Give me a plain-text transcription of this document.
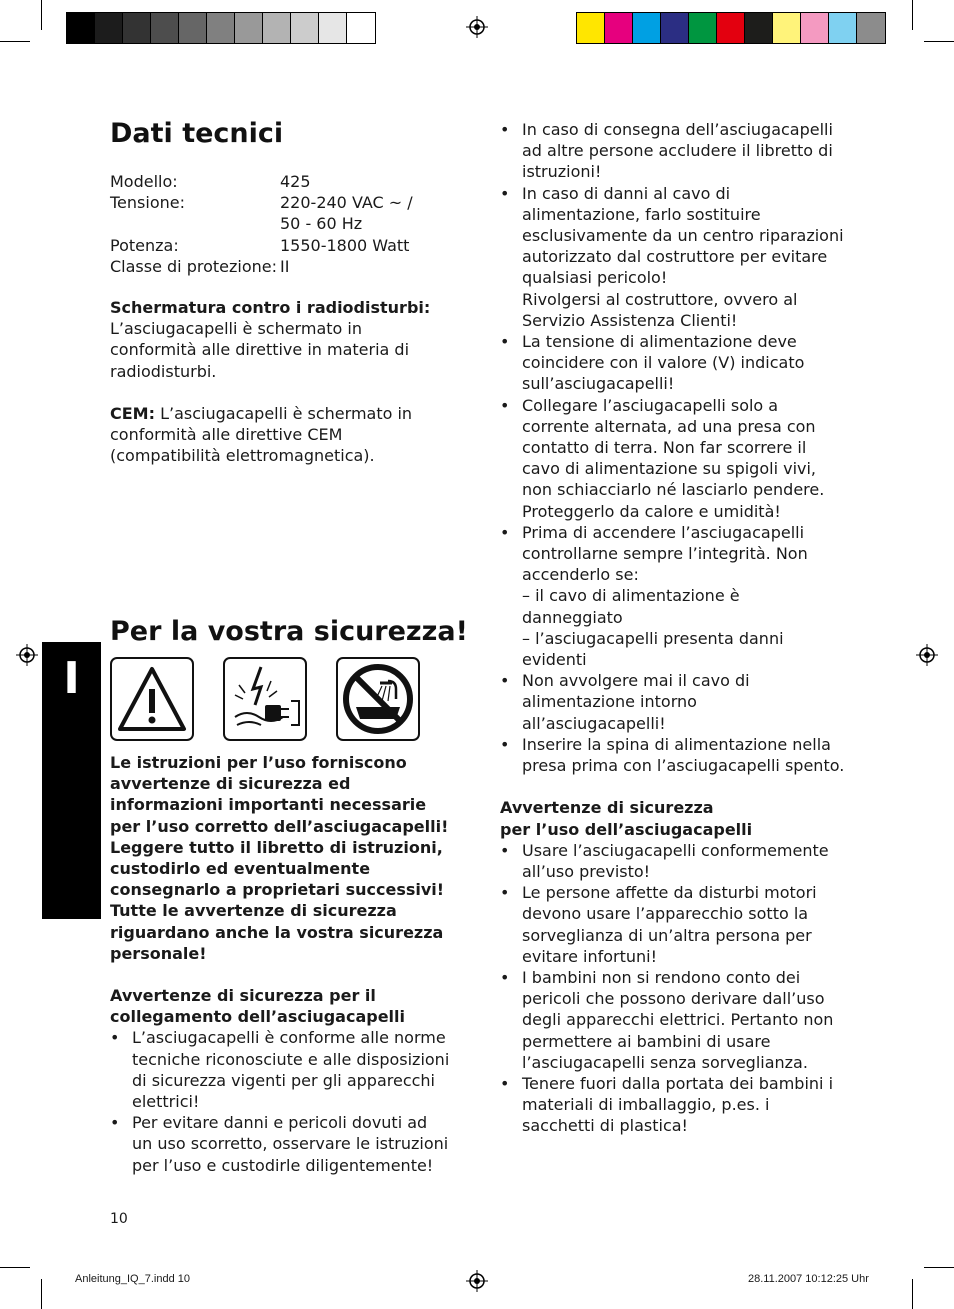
I
Dati tecnici
Modello:	425
Tensione:	220-240 VAC ~ /
50 - 60 Hz
Potenza:	1550-1800 Watt
Classe di protezione: II
Schermatura contro i radiodisturbi:
L’asciugacapelli è schermato in conformità alle direttive in materia di radiodisturbi.
CEM: L’asciugacapelli è schermato in conformità alle direttive CEM (compatibilità elettromagnetica).
Per la vostra sicurezza!
Le istruzioni per l’uso forniscono avvertenze di sicurezza ed informazioni importanti necessarie per l’uso corretto dell’asciugacapelli! Leggere tutto il libretto di istruzioni, custodirlo ed eventualmente consegnarlo a proprietari successivi! Tutte le avvertenze di sicurezza riguardano anche la vostra sicurezza personale!
Avvertenze di sicurezza per il collegamento dell’asciugacapelli
• L’asciugacapelli è conforme alle norme tecniche riconosciute e alle disposizioni di sicurezza vigenti per gli apparecchi elettrici!
• Per evitare danni e pericoli dovuti ad un uso scorretto, osservare le istruzioni per l’uso e custodirle diligentemente!
• In caso di consegna dell’asciugacapelli ad altre persone accludere il libretto di istruzioni!
• In caso di danni al cavo di alimentazione, farlo sostituire esclusivamente da un centro riparazioni autorizzato dal costruttore per evitare qualsiasi pericolo!
Rivolgersi al costruttore, ovvero al Servizio Assistenza Clienti!
• La tensione di alimentazione deve coincidere con il valore (V) indicato sull’asciugacapelli!
• Collegare l’asciugacapelli solo a corrente alternata, ad una presa con contatto di terra. Non far scorrere il cavo di alimentazione su spigoli vivi, non schiacciarlo né lasciarlo pendere. Proteggerlo da calore e umidità!
• Prima di accendere l’asciugacapelli controllarne sempre l’integrità. Non accenderlo se:
– il cavo di alimentazione è danneggiato
– l’asciugacapelli presenta danni evidenti
• Non avvolgere mai il cavo di alimentazione intorno all’asciugacapelli!
• Inserire la spina di alimentazione nella presa prima con l’asciugacapelli spento.
Avvertenze di sicurezza
per l’uso dell’asciugacapelli
• Usare l’asciugacapelli conformemente all’uso previsto!
• Le persone affette da disturbi motori devono usare l’apparecchio sotto la sorveglianza di un’altra persona per evitare infortuni!
• I bambini non si rendono conto dei pericoli che possono derivare dall’uso degli apparecchi elettrici. Pertanto non permettere ai bambini di usare l’asciugacapelli senza sorveglianza.
• Tenere fuori dalla portata dei bambini i materiali di imballaggio, p.es. i sacchetti di plastica!
10
Anleitung_IQ_7.indd 10	28.11.2007 10:12:25 Uhr
